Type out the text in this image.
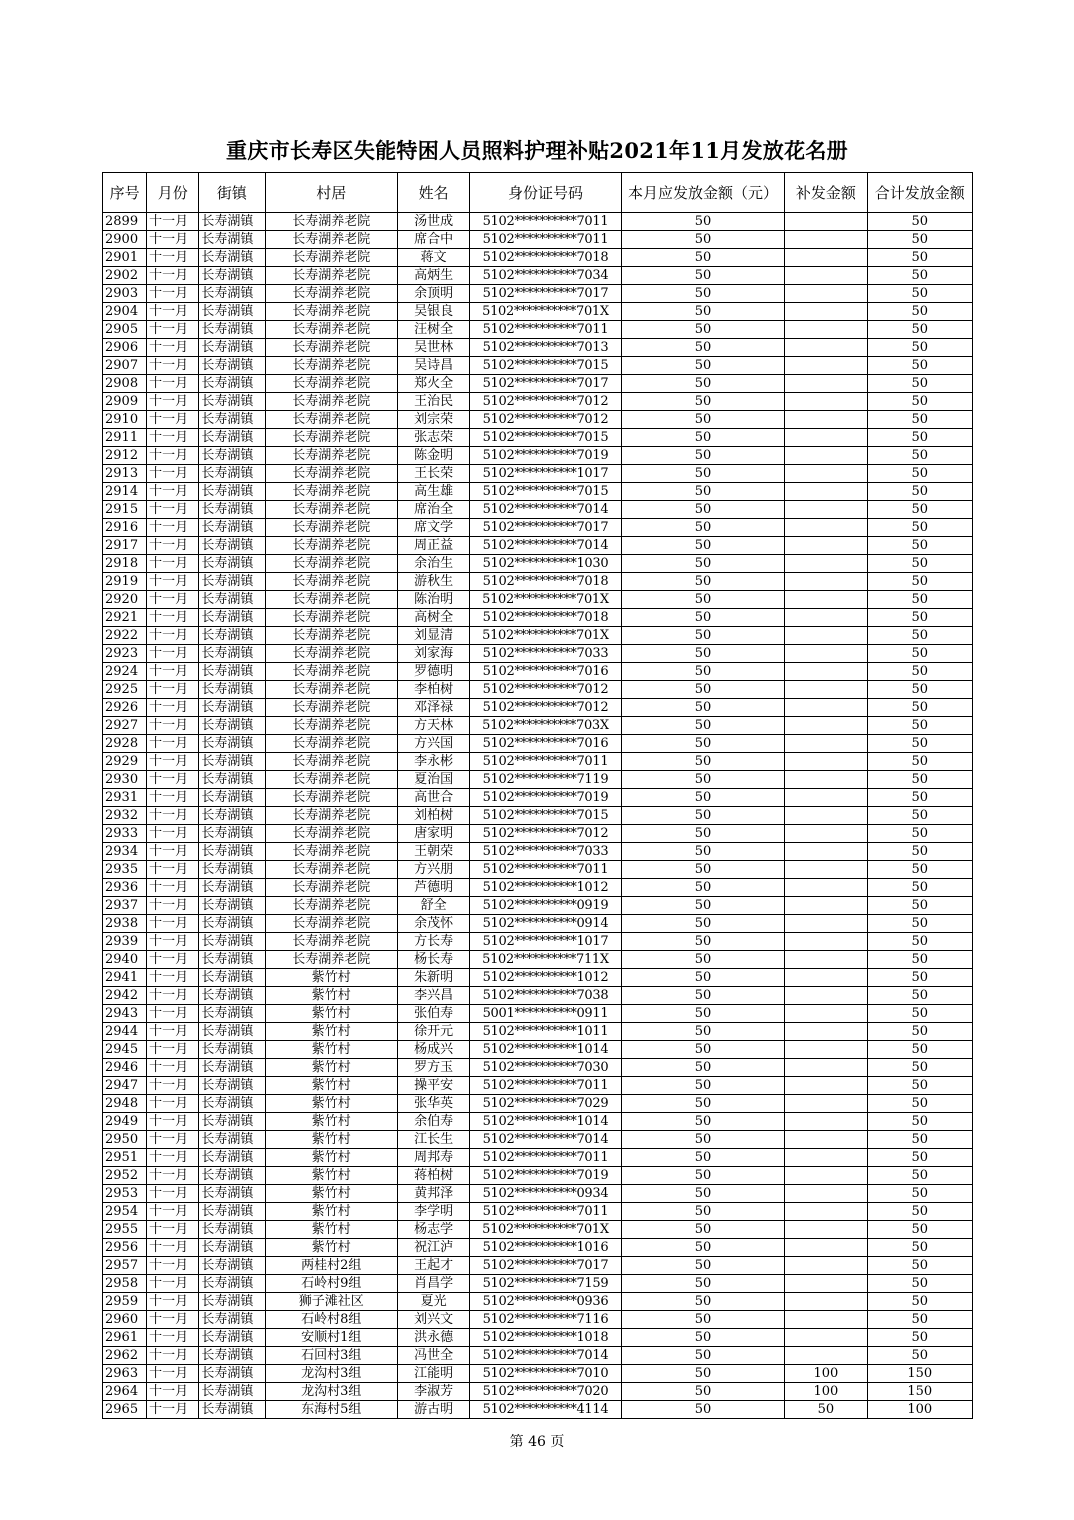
重庆市长寿区失能特困人员照料护理补贴2021年11月发放花名册
序号	月份	街镇	村居	姓名	身份证号码	本月应发放金额（元）	补发金额	合计发放金额
2899	十一月	长寿湖镇	长寿湖养老院	汤世成	5102**********7011	50		50
2900	十一月	长寿湖镇	长寿湖养老院	席合中	5102**********7011	50		50
2901	十一月	长寿湖镇	长寿湖养老院	蒋文	5102**********7018	50		50
2902	十一月	长寿湖镇	长寿湖养老院	高炳生	5102**********7034	50		50
2903	十一月	长寿湖镇	长寿湖养老院	余顶明	5102**********7017	50		50
2904	十一月	长寿湖镇	长寿湖养老院	吴银良	5102**********701X	50		50
2905	十一月	长寿湖镇	长寿湖养老院	汪树全	5102**********7011	50		50
2906	十一月	长寿湖镇	长寿湖养老院	吴世林	5102**********7013	50		50
2907	十一月	长寿湖镇	长寿湖养老院	吴诗昌	5102**********7015	50		50
2908	十一月	长寿湖镇	长寿湖养老院	郑火全	5102**********7017	50		50
2909	十一月	长寿湖镇	长寿湖养老院	王治民	5102**********7012	50		50
2910	十一月	长寿湖镇	长寿湖养老院	刘宗荣	5102**********7012	50		50
2911	十一月	长寿湖镇	长寿湖养老院	张志荣	5102**********7015	50		50
2912	十一月	长寿湖镇	长寿湖养老院	陈金明	5102**********7019	50		50
2913	十一月	长寿湖镇	长寿湖养老院	王长荣	5102**********1017	50		50
2914	十一月	长寿湖镇	长寿湖养老院	高生雄	5102**********7015	50		50
2915	十一月	长寿湖镇	长寿湖养老院	席治全	5102**********7014	50		50
2916	十一月	长寿湖镇	长寿湖养老院	席文学	5102**********7017	50		50
2917	十一月	长寿湖镇	长寿湖养老院	周正益	5102**********7014	50		50
2918	十一月	长寿湖镇	长寿湖养老院	余治生	5102**********1030	50		50
2919	十一月	长寿湖镇	长寿湖养老院	游秋生	5102**********7018	50		50
2920	十一月	长寿湖镇	长寿湖养老院	陈治明	5102**********701X	50		50
2921	十一月	长寿湖镇	长寿湖养老院	高树全	5102**********7018	50		50
2922	十一月	长寿湖镇	长寿湖养老院	刘显清	5102**********701X	50		50
2923	十一月	长寿湖镇	长寿湖养老院	刘家海	5102**********7033	50		50
2924	十一月	长寿湖镇	长寿湖养老院	罗德明	5102**********7016	50		50
2925	十一月	长寿湖镇	长寿湖养老院	李柏树	5102**********7012	50		50
2926	十一月	长寿湖镇	长寿湖养老院	邓泽禄	5102**********7012	50		50
2927	十一月	长寿湖镇	长寿湖养老院	方天林	5102**********703X	50		50
2928	十一月	长寿湖镇	长寿湖养老院	方兴国	5102**********7016	50		50
2929	十一月	长寿湖镇	长寿湖养老院	李永彬	5102**********7011	50		50
2930	十一月	长寿湖镇	长寿湖养老院	夏治国	5102**********7119	50		50
2931	十一月	长寿湖镇	长寿湖养老院	高世合	5102**********7019	50		50
2932	十一月	长寿湖镇	长寿湖养老院	刘柏树	5102**********7015	50		50
2933	十一月	长寿湖镇	长寿湖养老院	唐家明	5102**********7012	50		50
2934	十一月	长寿湖镇	长寿湖养老院	王朝荣	5102**********7033	50		50
2935	十一月	长寿湖镇	长寿湖养老院	方兴朋	5102**********7011	50		50
2936	十一月	长寿湖镇	长寿湖养老院	芦德明	5102**********1012	50		50
2937	十一月	长寿湖镇	长寿湖养老院	舒全	5102**********0919	50		50
2938	十一月	长寿湖镇	长寿湖养老院	余茂怀	5102**********0914	50		50
2939	十一月	长寿湖镇	长寿湖养老院	方长寿	5102**********1017	50		50
2940	十一月	长寿湖镇	长寿湖养老院	杨长寿	5102**********711X	50		50
2941	十一月	长寿湖镇	紫竹村	朱新明	5102**********1012	50		50
2942	十一月	长寿湖镇	紫竹村	李兴昌	5102**********7038	50		50
2943	十一月	长寿湖镇	紫竹村	张伯寿	5001**********0911	50		50
2944	十一月	长寿湖镇	紫竹村	徐开元	5102**********1011	50		50
2945	十一月	长寿湖镇	紫竹村	杨成兴	5102**********1014	50		50
2946	十一月	长寿湖镇	紫竹村	罗方玉	5102**********7030	50		50
2947	十一月	长寿湖镇	紫竹村	操平安	5102**********7011	50		50
2948	十一月	长寿湖镇	紫竹村	张华英	5102**********7029	50		50
2949	十一月	长寿湖镇	紫竹村	余伯寿	5102**********1014	50		50
2950	十一月	长寿湖镇	紫竹村	江长生	5102**********7014	50		50
2951	十一月	长寿湖镇	紫竹村	周邦寿	5102**********7011	50		50
2952	十一月	长寿湖镇	紫竹村	蒋柏树	5102**********7019	50		50
2953	十一月	长寿湖镇	紫竹村	黄邦泽	5102**********0934	50		50
2954	十一月	长寿湖镇	紫竹村	李学明	5102**********7011	50		50
2955	十一月	长寿湖镇	紫竹村	杨志学	5102**********701X	50		50
2956	十一月	长寿湖镇	紫竹村	祝江泸	5102**********1016	50		50
2957	十一月	长寿湖镇	两桂村2组	王起才	5102**********7017	50		50
2958	十一月	长寿湖镇	石岭村9组	肖昌学	5102**********7159	50		50
2959	十一月	长寿湖镇	狮子滩社区	夏光	5102**********0936	50		50
2960	十一月	长寿湖镇	石岭村8组	刘兴文	5102**********7116	50		50
2961	十一月	长寿湖镇	安顺村1组	洪永德	5102**********1018	50		50
2962	十一月	长寿湖镇	石回村3组	冯世全	5102**********7014	50		50
2963	十一月	长寿湖镇	龙沟村3组	江能明	5102**********7010	50	100	150
2964	十一月	长寿湖镇	龙沟村3组	李淑芳	5102**********7020	50	100	150
2965	十一月	长寿湖镇	东海村5组	游古明	5102**********4114	50	50	100
第 46 页
